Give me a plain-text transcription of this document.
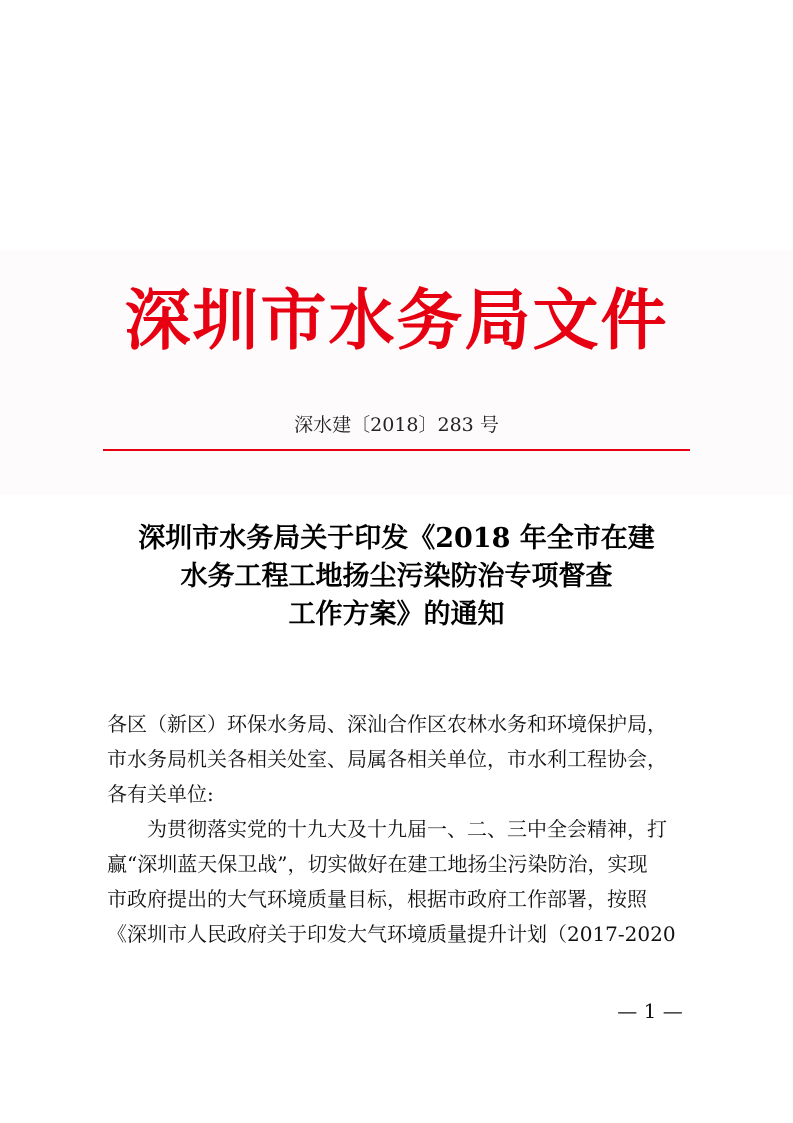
深圳市水务局文件
深水建〔2018〕283 号
深圳市水务局关于印发《2018 年全市在建
水务工程工地扬尘污染防治专项督查
工作方案》的通知
各区（新区）环保水务局、深汕合作区农林水务和环境保护局，
市水务局机关各相关处室、局属各相关单位，市水利工程协会，
各有关单位:
为贯彻落实党的十九大及十九届一、二、三中全会精神，打
赢“深圳蓝天保卫战”，切实做好在建工地扬尘污染防治，实现
市政府提出的大气环境质量目标，根据市政府工作部署，按照
《深圳市人民政府关于印发大气环境质量提升计划（2017-2020
— 1 —
